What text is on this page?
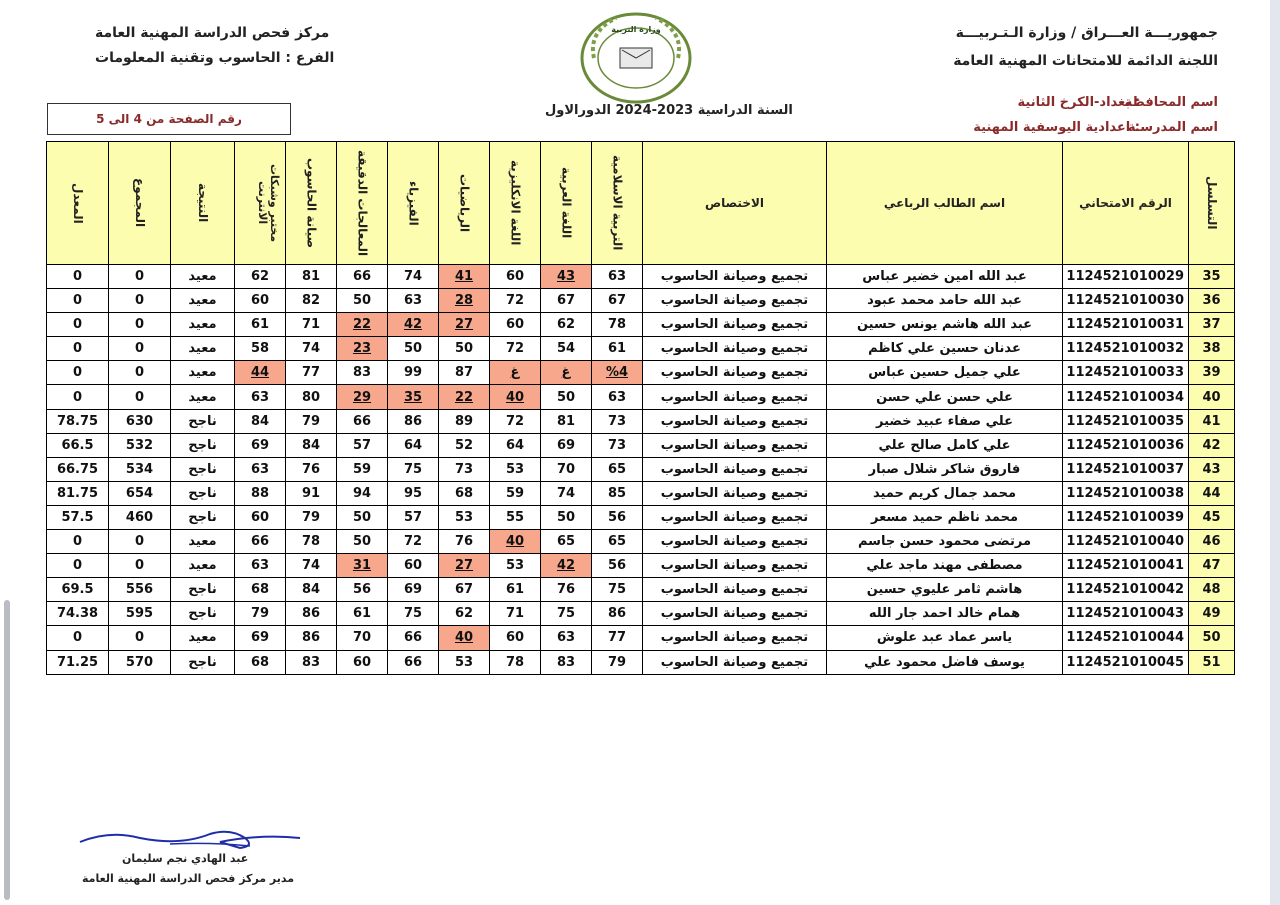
جمهوريـــة العـــراق / وزارة الـتـربيـــة
اللجنة الدائمة للامتحانات المهنية العامة
مركز فحص الدراسة المهنية العامة
الفرع : الحاسوب وتقنية المعلومات
اسم المحافظة
: بغداد-الكرخ الثانية
اسم المدرسـة
: اعدادية اليوسفية المهنية
السنة الدراسية 2023-2024 الدورالاول
رقم الصفحة من 4 الى 5
وزارة التربية
التسلسل	الرقم الامتحاني	اسم الطالب الرباعي	الاختصاص	التربية الاسلامية	اللغة العربية	اللغة الانكليزية	الرياضيات	الفيزياء	المعالجات الدقيقة	صيانة الحاسوب	مختبر وشبكات الانترنت	النتيجة	المجموع	المعدل

35	1124521010029	عبد الله امين خضير عباس	تجميع وصيانة الحاسوب	63	43	60	41	74	66	81	62	معيد	0	0
36	1124521010030	عبد الله حامد محمد عبود	تجميع وصيانة الحاسوب	67	67	72	28	63	50	82	60	معيد	0	0
37	1124521010031	عبد الله هاشم يونس حسين	تجميع وصيانة الحاسوب	78	62	60	27	42	22	71	61	معيد	0	0
38	1124521010032	عدنان حسين علي كاظم	تجميع وصيانة الحاسوب	61	54	72	50	50	23	74	58	معيد	0	0
39	1124521010033	علي جميل حسين عباس	تجميع وصيانة الحاسوب	%4	غ	غ	87	99	83	77	44	معيد	0	0
40	1124521010034	علي حسن علي حسن	تجميع وصيانة الحاسوب	63	50	40	22	35	29	80	63	معيد	0	0
41	1124521010035	علي صفاء عبيد خضير	تجميع وصيانة الحاسوب	73	81	72	89	86	66	79	84	ناجح	630	78.75
42	1124521010036	علي كامل صالح علي	تجميع وصيانة الحاسوب	73	69	64	52	64	57	84	69	ناجح	532	66.5
43	1124521010037	فاروق شاكر شلال صبار	تجميع وصيانة الحاسوب	65	70	53	73	75	59	76	63	ناجح	534	66.75
44	1124521010038	محمد جمال كريم حميد	تجميع وصيانة الحاسوب	85	74	59	68	95	94	91	88	ناجح	654	81.75
45	1124521010039	محمد ناظم حميد مسعر	تجميع وصيانة الحاسوب	56	50	55	53	57	50	79	60	ناجح	460	57.5
46	1124521010040	مرتضى محمود حسن جاسم	تجميع وصيانة الحاسوب	65	65	40	76	72	50	78	66	معيد	0	0
47	1124521010041	مصطفى مهند ماجد علي	تجميع وصيانة الحاسوب	56	42	53	27	60	31	74	63	معيد	0	0
48	1124521010042	هاشم ثامر عليوي حسين	تجميع وصيانة الحاسوب	75	76	61	67	69	56	84	68	ناجح	556	69.5
49	1124521010043	همام خالد احمد جار الله	تجميع وصيانة الحاسوب	86	75	71	62	75	61	86	79	ناجح	595	74.38
50	1124521010044	ياسر عماد عبد علوش	تجميع وصيانة الحاسوب	77	63	60	40	66	70	86	69	معيد	0	0
51	1124521010045	يوسف فاضل محمود علي	تجميع وصيانة الحاسوب	79	83	78	53	66	60	83	68	ناجح	570	71.25
عبد الهادي نجم سليمان
مدير مركز فحص الدراسة المهنية العامة
